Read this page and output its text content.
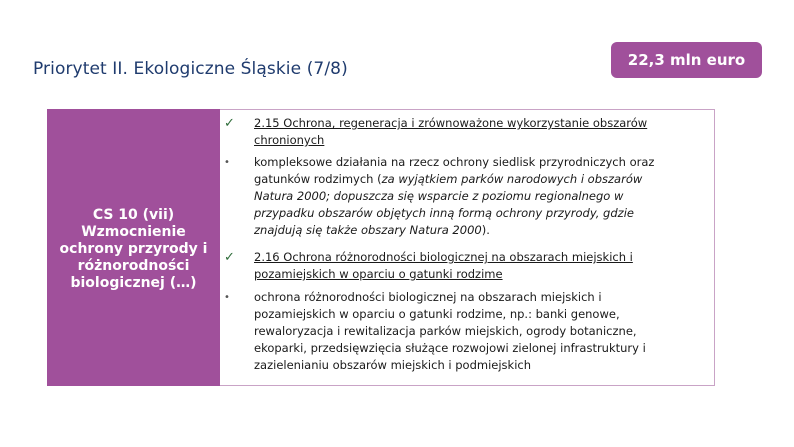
Priorytet II. Ekologiczne Śląskie (7/8)	22,3 mln euro
CS 10 (vii) Wzmocnienie ochrony przyrody i różnorodności biologicznej (…)
✓ 2.15 Ochrona, regeneracja i zrównoważone wykorzystanie obszarów chronionych
• kompleksowe działania na rzecz ochrony siedlisk przyrodniczych oraz gatunków rodzimych (za wyjątkiem parków narodowych i obszarów Natura 2000; dopuszcza się wsparcie z poziomu regionalnego w przypadku obszarów objętych inną formą ochrony przyrody, gdzie znajdują się także obszary Natura 2000).
✓ 2.16 Ochrona różnorodności biologicznej na obszarach miejskich i pozamiejskich w oparciu o gatunki rodzime
• ochrona różnorodności biologicznej na obszarach miejskich i pozamiejskich w oparciu o gatunki rodzime, np.: banki genowe, rewaloryzacja i rewitalizacja parków miejskich, ogrody botaniczne, ekoparki, przedsięwzięcia służące rozwojowi zielonej infrastruktury i zazielenianiu obszarów miejskich i podmiejskich
